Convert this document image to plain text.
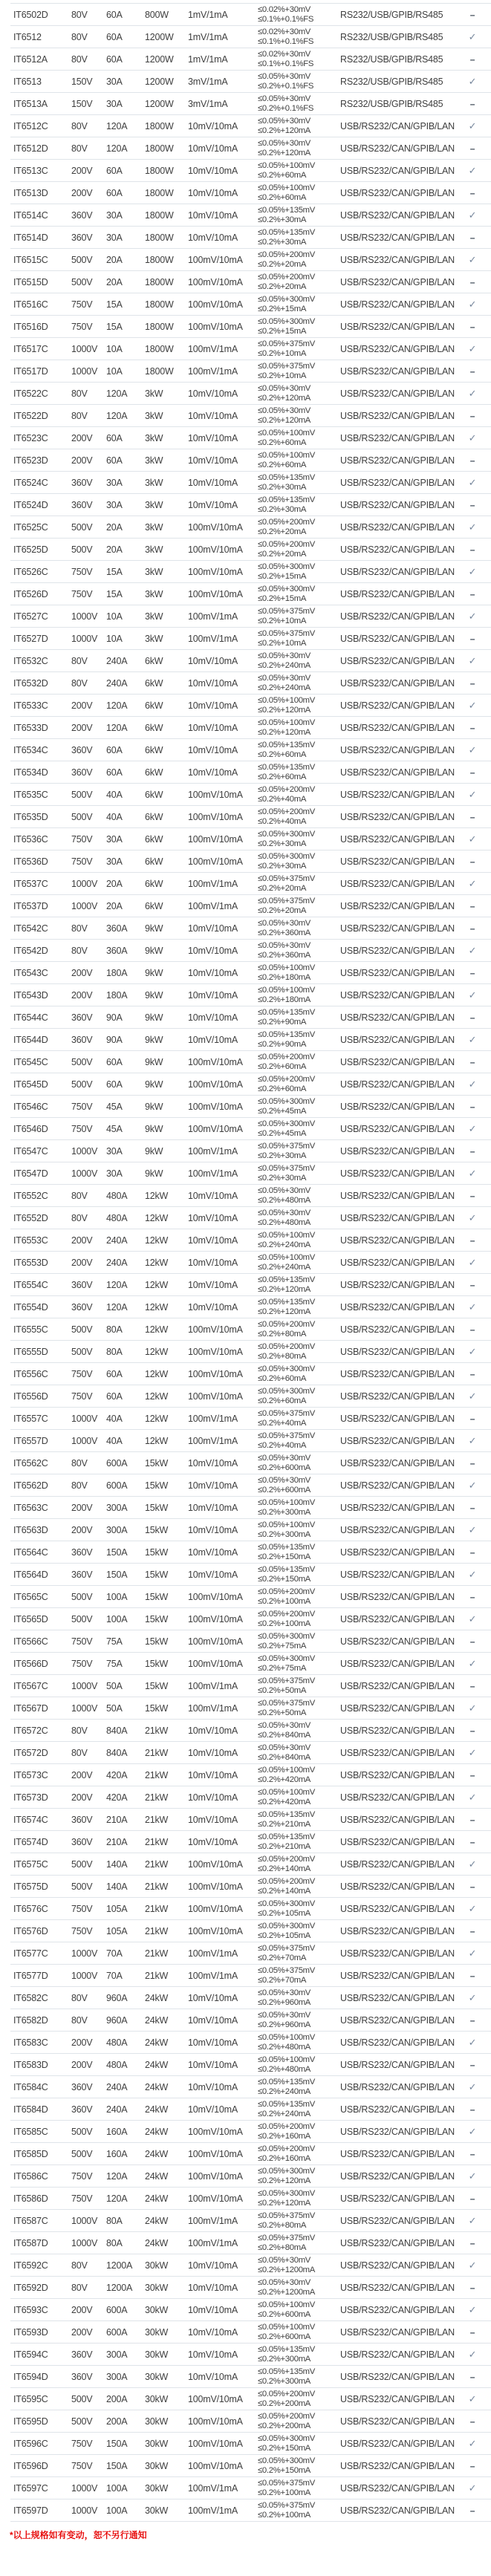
IT6502D	80V	60A	800W	1mV/1mA	≤0.02%+30mV
≤0.1%+0.1%FS	RS232/USB/GPIB/RS485	–
IT6512	80V	60A	1200W	1mV/1mA	≤0.02%+30mV
≤0.1%+0.1%FS	RS232/USB/GPIB/RS485	✓
IT6512A	80V	60A	1200W	1mV/1mA	≤0.02%+30mV
≤0.1%+0.1%FS	RS232/USB/GPIB/RS485	–
IT6513	150V	30A	1200W	3mV/1mA	≤0.05%+30mV
≤0.2%+0.1%FS	RS232/USB/GPIB/RS485	✓
IT6513A	150V	30A	1200W	3mV/1mA	≤0.05%+30mV
≤0.2%+0.1%FS	RS232/USB/GPIB/RS485	–
IT6512C	80V	120A	1800W	10mV/10mA	≤0.05%+30mV
≤0.2%+120mA	USB/RS232/CAN/GPIB/LAN	✓
IT6512D	80V	120A	1800W	10mV/10mA	≤0.05%+30mV
≤0.2%+120mA	USB/RS232/CAN/GPIB/LAN	–
IT6513C	200V	60A	1800W	10mV/10mA	≤0.05%+100mV
≤0.2%+60mA	USB/RS232/CAN/GPIB/LAN	✓
IT6513D	200V	60A	1800W	10mV/10mA	≤0.05%+100mV
≤0.2%+60mA	USB/RS232/CAN/GPIB/LAN	–
IT6514C	360V	30A	1800W	10mV/10mA	≤0.05%+135mV
≤0.2%+30mA	USB/RS232/CAN/GPIB/LAN	✓
IT6514D	360V	30A	1800W	10mV/10mA	≤0.05%+135mV
≤0.2%+30mA	USB/RS232/CAN/GPIB/LAN	–
IT6515C	500V	20A	1800W	100mV/10mA	≤0.05%+200mV
≤0.2%+20mA	USB/RS232/CAN/GPIB/LAN	✓
IT6515D	500V	20A	1800W	100mV/10mA	≤0.05%+200mV
≤0.2%+20mA	USB/RS232/CAN/GPIB/LAN	–
IT6516C	750V	15A	1800W	100mV/10mA	≤0.05%+300mV
≤0.2%+15mA	USB/RS232/CAN/GPIB/LAN	✓
IT6516D	750V	15A	1800W	100mV/10mA	≤0.05%+300mV
≤0.2%+15mA	USB/RS232/CAN/GPIB/LAN	–
IT6517C	1000V 10A	1800W	100mV/1mA	≤0.05%+375mV
≤0.2%+10mA	USB/RS232/CAN/GPIB/LAN	✓
IT6517D	1000V 10A	1800W	100mV/1mA	≤0.05%+375mV
≤0.2%+10mA	USB/RS232/CAN/GPIB/LAN	–
IT6522C	80V	120A	3kW	10mV/10mA	≤0.05%+30mV
≤0.2%+120mA	USB/RS232/CAN/GPIB/LAN	✓
IT6522D	80V	120A	3kW	10mV/10mA	≤0.05%+30mV
≤0.2%+120mA	USB/RS232/CAN/GPIB/LAN	–
IT6523C	200V	60A	3kW	10mV/10mA	≤0.05%+100mV
≤0.2%+60mA	USB/RS232/CAN/GPIB/LAN	✓
IT6523D	200V	60A	3kW	10mV/10mA	≤0.05%+100mV
≤0.2%+60mA	USB/RS232/CAN/GPIB/LAN	–
IT6524C	360V	30A	3kW	10mV/10mA	≤0.05%+135mV
≤0.2%+30mA	USB/RS232/CAN/GPIB/LAN	✓
IT6524D	360V	30A	3kW	10mV/10mA	≤0.05%+135mV
≤0.2%+30mA	USB/RS232/CAN/GPIB/LAN	–
IT6525C	500V	20A	3kW	100mV/10mA	≤0.05%+200mV
≤0.2%+20mA	USB/RS232/CAN/GPIB/LAN	✓
IT6525D	500V	20A	3kW	100mV/10mA	≤0.05%+200mV
≤0.2%+20mA	USB/RS232/CAN/GPIB/LAN	–
IT6526C	750V	15A	3kW	100mV/10mA	≤0.05%+300mV
≤0.2%+15mA	USB/RS232/CAN/GPIB/LAN	✓
IT6526D	750V	15A	3kW	100mV/10mA	≤0.05%+300mV
≤0.2%+15mA	USB/RS232/CAN/GPIB/LAN	–
IT6527C	1000V 10A	3kW	100mV/1mA	≤0.05%+375mV
≤0.2%+10mA	USB/RS232/CAN/GPIB/LAN	✓
IT6527D	1000V 10A	3kW	100mV/1mA	≤0.05%+375mV
≤0.2%+10mA	USB/RS232/CAN/GPIB/LAN	–
IT6532C	80V	240A	6kW	10mV/10mA	≤0.05%+30mV
≤0.2%+240mA	USB/RS232/CAN/GPIB/LAN	✓
IT6532D	80V	240A	6kW	10mV/10mA	≤0.05%+30mV
≤0.2%+240mA	USB/RS232/CAN/GPIB/LAN	–
IT6533C	200V	120A	6kW	10mV/10mA	≤0.05%+100mV
≤0.2%+120mA	USB/RS232/CAN/GPIB/LAN	✓
IT6533D	200V	120A	6kW	10mV/10mA	≤0.05%+100mV
≤0.2%+120mA	USB/RS232/CAN/GPIB/LAN	–
IT6534C	360V	60A	6kW	10mV/10mA	≤0.05%+135mV
≤0.2%+60mA	USB/RS232/CAN/GPIB/LAN	✓
IT6534D	360V	60A	6kW	10mV/10mA	≤0.05%+135mV
≤0.2%+60mA	USB/RS232/CAN/GPIB/LAN	–
IT6535C	500V	40A	6kW	100mV/10mA	≤0.05%+200mV
≤0.2%+40mA	USB/RS232/CAN/GPIB/LAN	✓
IT6535D	500V	40A	6kW	100mV/10mA	≤0.05%+200mV
≤0.2%+40mA	USB/RS232/CAN/GPIB/LAN	–
IT6536C	750V	30A	6kW	100mV/10mA	≤0.05%+300mV
≤0.2%+30mA	USB/RS232/CAN/GPIB/LAN	✓
IT6536D	750V	30A	6kW	100mV/10mA	≤0.05%+300mV
≤0.2%+30mA	USB/RS232/CAN/GPIB/LAN	–
IT6537C	1000V 20A	6kW	100mV/1mA	≤0.05%+375mV
≤0.2%+20mA	USB/RS232/CAN/GPIB/LAN	✓
IT6537D	1000V 20A	6kW	100mV/1mA	≤0.05%+375mV
≤0.2%+20mA	USB/RS232/CAN/GPIB/LAN	–
IT6542C	80V	360A	9kW	10mV/10mA	≤0.05%+30mV
≤0.2%+360mA	USB/RS232/CAN/GPIB/LAN	–
IT6542D	80V	360A	9kW	10mV/10mA	≤0.05%+30mV
≤0.2%+360mA	USB/RS232/CAN/GPIB/LAN	✓
IT6543C	200V	180A	9kW	10mV/10mA	≤0.05%+100mV
≤0.2%+180mA	USB/RS232/CAN/GPIB/LAN	–
IT6543D	200V	180A	9kW	10mV/10mA	≤0.05%+100mV
≤0.2%+180mA	USB/RS232/CAN/GPIB/LAN	✓
IT6544C	360V	90A	9kW	10mV/10mA	≤0.05%+135mV
≤0.2%+90mA	USB/RS232/CAN/GPIB/LAN	–
IT6544D	360V	90A	9kW	10mV/10mA	≤0.05%+135mV
≤0.2%+90mA	USB/RS232/CAN/GPIB/LAN	✓
IT6545C	500V	60A	9kW	100mV/10mA	≤0.05%+200mV
≤0.2%+60mA	USB/RS232/CAN/GPIB/LAN	–
IT6545D	500V	60A	9kW	100mV/10mA	≤0.05%+200mV
≤0.2%+60mA	USB/RS232/CAN/GPIB/LAN	✓
IT6546C	750V	45A	9kW	100mV/10mA	≤0.05%+300mV
≤0.2%+45mA	USB/RS232/CAN/GPIB/LAN	–
IT6546D	750V	45A	9kW	100mV/10mA	≤0.05%+300mV
≤0.2%+45mA	USB/RS232/CAN/GPIB/LAN	✓
IT6547C	1000V 30A	9kW	100mV/1mA	≤0.05%+375mV
≤0.2%+30mA	USB/RS232/CAN/GPIB/LAN	–
IT6547D	1000V 30A	9kW	100mV/1mA	≤0.05%+375mV
≤0.2%+30mA	USB/RS232/CAN/GPIB/LAN	✓
IT6552C	80V	480A	12kW	10mV/10mA	≤0.05%+30mV
≤0.2%+480mA	USB/RS232/CAN/GPIB/LAN	–
IT6552D	80V	480A	12kW	10mV/10mA	≤0.05%+30mV
≤0.2%+480mA	USB/RS232/CAN/GPIB/LAN	✓
IT6553C	200V	240A	12kW	10mV/10mA	≤0.05%+100mV
≤0.2%+240mA	USB/RS232/CAN/GPIB/LAN	–
IT6553D	200V	240A	12kW	10mV/10mA	≤0.05%+100mV
≤0.2%+240mA	USB/RS232/CAN/GPIB/LAN	✓
IT6554C	360V	120A	12kW	10mV/10mA	≤0.05%+135mV
≤0.2%+120mA	USB/RS232/CAN/GPIB/LAN	–
IT6554D	360V	120A	12kW	10mV/10mA	≤0.05%+135mV
≤0.2%+120mA	USB/RS232/CAN/GPIB/LAN	✓
IT6555C	500V	80A	12kW	100mV/10mA	≤0.05%+200mV
≤0.2%+80mA	USB/RS232/CAN/GPIB/LAN	–
IT6555D	500V	80A	12kW	100mV/10mA	≤0.05%+200mV
≤0.2%+80mA	USB/RS232/CAN/GPIB/LAN	✓
IT6556C	750V	60A	12kW	100mV/10mA	≤0.05%+300mV
≤0.2%+60mA	USB/RS232/CAN/GPIB/LAN	–
IT6556D	750V	60A	12kW	100mV/10mA	≤0.05%+300mV
≤0.2%+60mA	USB/RS232/CAN/GPIB/LAN	✓
IT6557C	1000V 40A	12kW	100mV/1mA	≤0.05%+375mV
≤0.2%+40mA	USB/RS232/CAN/GPIB/LAN	–
IT6557D	1000V 40A	12kW	100mV/1mA	≤0.05%+375mV
≤0.2%+40mA	USB/RS232/CAN/GPIB/LAN	✓
IT6562C	80V	600A	15kW	10mV/10mA	≤0.05%+30mV
≤0.2%+600mA	USB/RS232/CAN/GPIB/LAN	–
IT6562D	80V	600A	15kW	10mV/10mA	≤0.05%+30mV
≤0.2%+600mA	USB/RS232/CAN/GPIB/LAN	✓
IT6563C	200V	300A	15kW	10mV/10mA	≤0.05%+100mV
≤0.2%+300mA	USB/RS232/CAN/GPIB/LAN	–
IT6563D	200V	300A	15kW	10mV/10mA	≤0.05%+100mV
≤0.2%+300mA	USB/RS232/CAN/GPIB/LAN	✓
IT6564C	360V	150A	15kW	10mV/10mA	≤0.05%+135mV
≤0.2%+150mA	USB/RS232/CAN/GPIB/LAN	–
IT6564D	360V	150A	15kW	10mV/10mA	≤0.05%+135mV
≤0.2%+150mA	USB/RS232/CAN/GPIB/LAN	✓
IT6565C	500V	100A	15kW	100mV/10mA	≤0.05%+200mV
≤0.2%+100mA	USB/RS232/CAN/GPIB/LAN	–
IT6565D	500V	100A	15kW	100mV/10mA	≤0.05%+200mV
≤0.2%+100mA	USB/RS232/CAN/GPIB/LAN	✓
IT6566C	750V	75A	15kW	100mV/10mA	≤0.05%+300mV
≤0.2%+75mA	USB/RS232/CAN/GPIB/LAN	–
IT6566D	750V	75A	15kW	100mV/10mA	≤0.05%+300mV
≤0.2%+75mA	USB/RS232/CAN/GPIB/LAN	✓
IT6567C	1000V 50A	15kW	100mV/1mA	≤0.05%+375mV
≤0.2%+50mA	USB/RS232/CAN/GPIB/LAN	–
IT6567D	1000V 50A	15kW	100mV/1mA	≤0.05%+375mV
≤0.2%+50mA	USB/RS232/CAN/GPIB/LAN	✓
IT6572C	80V	840A	21kW	10mV/10mA	≤0.05%+30mV
≤0.2%+840mA	USB/RS232/CAN/GPIB/LAN	–
IT6572D	80V	840A	21kW	10mV/10mA	≤0.05%+30mV
≤0.2%+840mA	USB/RS232/CAN/GPIB/LAN	✓
IT6573C	200V	420A	21kW	10mV/10mA	≤0.05%+100mV
≤0.2%+420mA	USB/RS232/CAN/GPIB/LAN	–
IT6573D	200V	420A	21kW	10mV/10mA	≤0.05%+100mV
≤0.2%+420mA	USB/RS232/CAN/GPIB/LAN	✓
IT6574C	360V	210A	21kW	10mV/10mA	≤0.05%+135mV
≤0.2%+210mA	USB/RS232/CAN/GPIB/LAN	–
IT6574D	360V	210A	21kW	10mV/10mA	≤0.05%+135mV
≤0.2%+210mA	USB/RS232/CAN/GPIB/LAN	–
IT6575C	500V	140A	21kW	100mV/10mA	≤0.05%+200mV
≤0.2%+140mA	USB/RS232/CAN/GPIB/LAN	✓
IT6575D	500V	140A	21kW	100mV/10mA	≤0.05%+200mV
≤0.2%+140mA	USB/RS232/CAN/GPIB/LAN	–
IT6576C	750V	105A	21kW	100mV/10mA	≤0.05%+300mV
≤0.2%+105mA	USB/RS232/CAN/GPIB/LAN	✓
IT6576D	750V	105A	21kW	100mV/10mA	≤0.05%+300mV
≤0.2%+105mA	USB/RS232/CAN/GPIB/LAN	–
IT6577C	1000V 70A	21kW	100mV/1mA	≤0.05%+375mV
≤0.2%+70mA	USB/RS232/CAN/GPIB/LAN	✓
IT6577D	1000V 70A	21kW	100mV/1mA	≤0.05%+375mV
≤0.2%+70mA	USB/RS232/CAN/GPIB/LAN	–
IT6582C	80V	960A	24kW	10mV/10mA	≤0.05%+30mV
≤0.2%+960mA	USB/RS232/CAN/GPIB/LAN	✓
IT6582D	80V	960A	24kW	10mV/10mA	≤0.05%+30mV
≤0.2%+960mA	USB/RS232/CAN/GPIB/LAN	–
IT6583C	200V	480A	24kW	10mV/10mA	≤0.05%+100mV
≤0.2%+480mA	USB/RS232/CAN/GPIB/LAN	✓
IT6583D	200V	480A	24kW	10mV/10mA	≤0.05%+100mV
≤0.2%+480mA	USB/RS232/CAN/GPIB/LAN	–
IT6584C	360V	240A	24kW	10mV/10mA	≤0.05%+135mV
≤0.2%+240mA	USB/RS232/CAN/GPIB/LAN	✓
IT6584D	360V	240A	24kW	10mV/10mA	≤0.05%+135mV
≤0.2%+240mA	USB/RS232/CAN/GPIB/LAN	–
IT6585C	500V	160A	24kW	100mV/10mA	≤0.05%+200mV
≤0.2%+160mA	USB/RS232/CAN/GPIB/LAN	✓
IT6585D	500V	160A	24kW	100mV/10mA	≤0.05%+200mV
≤0.2%+160mA	USB/RS232/CAN/GPIB/LAN	–
IT6586C	750V	120A	24kW	100mV/10mA	≤0.05%+300mV
≤0.2%+120mA	USB/RS232/CAN/GPIB/LAN	✓
IT6586D	750V	120A	24kW	100mV/10mA	≤0.05%+300mV
≤0.2%+120mA	USB/RS232/CAN/GPIB/LAN	–
IT6587C	1000V 80A	24kW	100mV/1mA	≤0.05%+375mV
≤0.2%+80mA	USB/RS232/CAN/GPIB/LAN	✓
IT6587D	1000V 80A	24kW	100mV/1mA	≤0.05%+375mV
≤0.2%+80mA	USB/RS232/CAN/GPIB/LAN	–
IT6592C	80V	1200A	30kW	10mV/10mA	≤0.05%+30mV
≤0.2%+1200mA	USB/RS232/CAN/GPIB/LAN	✓
IT6592D	80V	1200A	30kW	10mV/10mA	≤0.05%+30mV
≤0.2%+1200mA	USB/RS232/CAN/GPIB/LAN	–
IT6593C	200V	600A	30kW	10mV/10mA	≤0.05%+100mV
≤0.2%+600mA	USB/RS232/CAN/GPIB/LAN	✓
IT6593D	200V	600A	30kW	10mV/10mA	≤0.05%+100mV
≤0.2%+600mA	USB/RS232/CAN/GPIB/LAN	–
IT6594C	360V	300A	30kW	10mV/10mA	≤0.05%+135mV
≤0.2%+300mA	USB/RS232/CAN/GPIB/LAN	✓
IT6594D	360V	300A	30kW	10mV/10mA	≤0.05%+135mV
≤0.2%+300mA	USB/RS232/CAN/GPIB/LAN	–
IT6595C	500V	200A	30kW	100mV/10mA	≤0.05%+200mV
≤0.2%+200mA	USB/RS232/CAN/GPIB/LAN	✓
IT6595D	500V	200A	30kW	100mV/10mA	≤0.05%+200mV
≤0.2%+200mA	USB/RS232/CAN/GPIB/LAN	–
IT6596C	750V	150A	30kW	100mV/10mA	≤0.05%+300mV
≤0.2%+150mA	USB/RS232/CAN/GPIB/LAN	✓
IT6596D	750V	150A	30kW	100mV/10mA	≤0.05%+300mV
≤0.2%+150mA	USB/RS232/CAN/GPIB/LAN	–
IT6597C	1000V 100A	30kW	100mV/1mA	≤0.05%+375mV
≤0.2%+100mA	USB/RS232/CAN/GPIB/LAN	✓
IT6597D	1000V 100A	30kW	100mV/1mA	≤0.05%+375mV
≤0.2%+100mA	USB/RS232/CAN/GPIB/LAN	–
*以上规格如有变动，恕不另行通知
